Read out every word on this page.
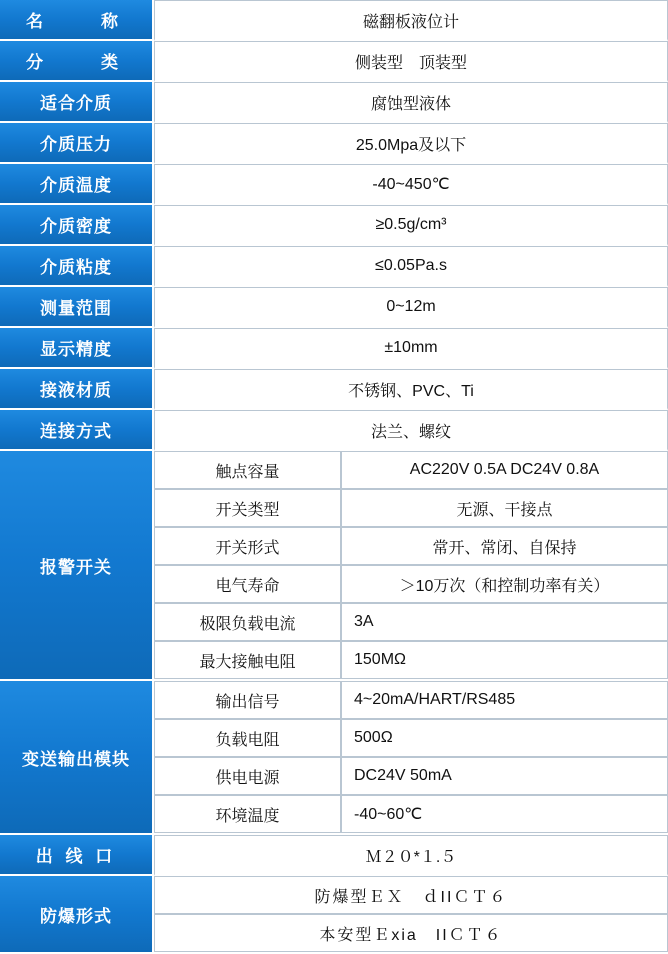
名　　称	磁翻板液位计
分　　类	侧装型　顶装型
适合介质	腐蚀型液体
介质压力	25.0Mpa及以下
介质温度	-40~450℃
介质密度	≥0.5g/cm³
介质粘度	≤0.05Pa.s
测量范围	0~12m
显示精度	±10mm
接液材质	不锈钢、PVC、Ti
连接方式	法兰、螺纹
报警开关	
触点容量	AC220V 0.5A DC24V 0.8A
开关类型	无源、干接点
开关形式	常开、常闭、自保持
电气寿命	＞10万次（和控制功率有关）
极限负载电流	3A
最大接触电阻	150MΩ

变送输出模块	
输出信号	4~20mA/HART/RS485
负载电阻	500Ω
供电电源	DC24V 50mA
环境温度	-40~60℃

出 线 口	Ｍ２０*１.５
防爆形式	
防爆型ＥＸ　ｄIIＣＴ６
本安型Ｅxia　IIＣＴ６
